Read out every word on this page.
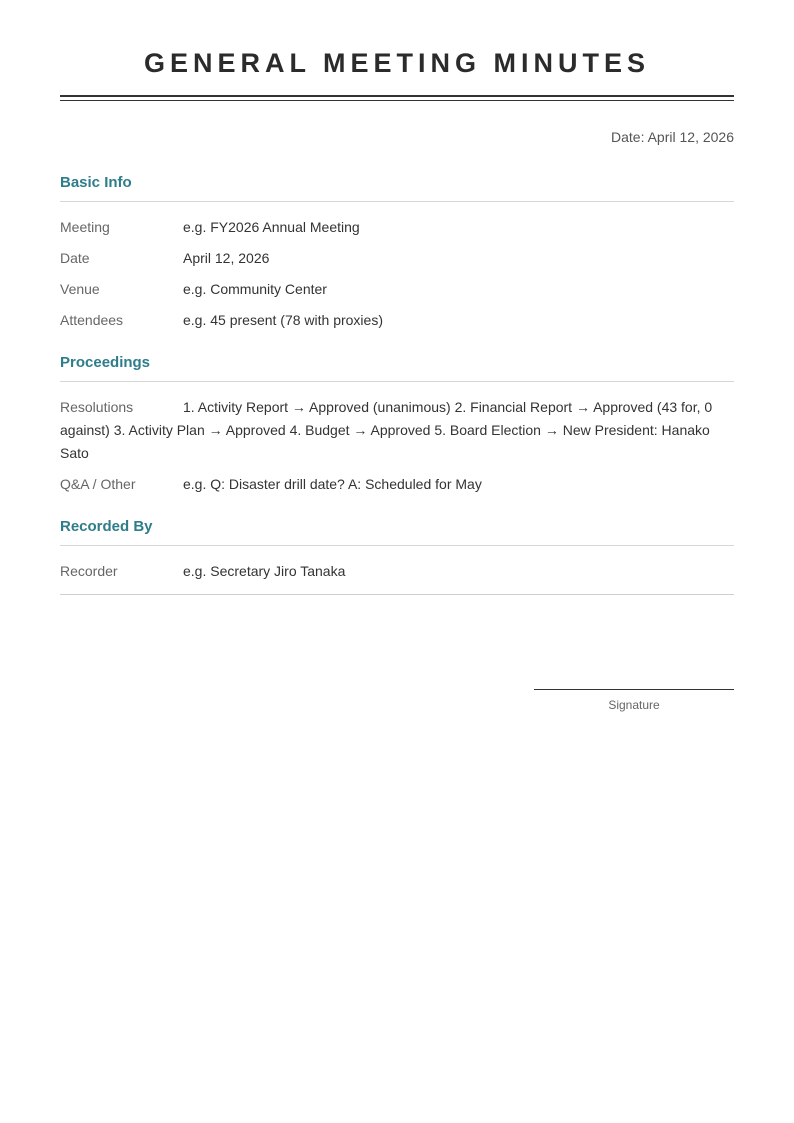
GENERAL MEETING MINUTES
Date: April 12, 2026
Basic Info
Meeting	e.g. FY2026 Annual Meeting
Date	April 12, 2026
Venue	e.g. Community Center
Attendees	e.g. 45 present (78 with proxies)
Proceedings
Resolutions	1. Activity Report → Approved (unanimous) 2. Financial Report → Approved (43 for, 0 against) 3. Activity Plan → Approved 4. Budget → Approved 5. Board Election → New President: Hanako Sato
Q&A / Other	e.g. Q: Disaster drill date? A: Scheduled for May
Recorded By
Recorder	e.g. Secretary Jiro Tanaka
Signature
